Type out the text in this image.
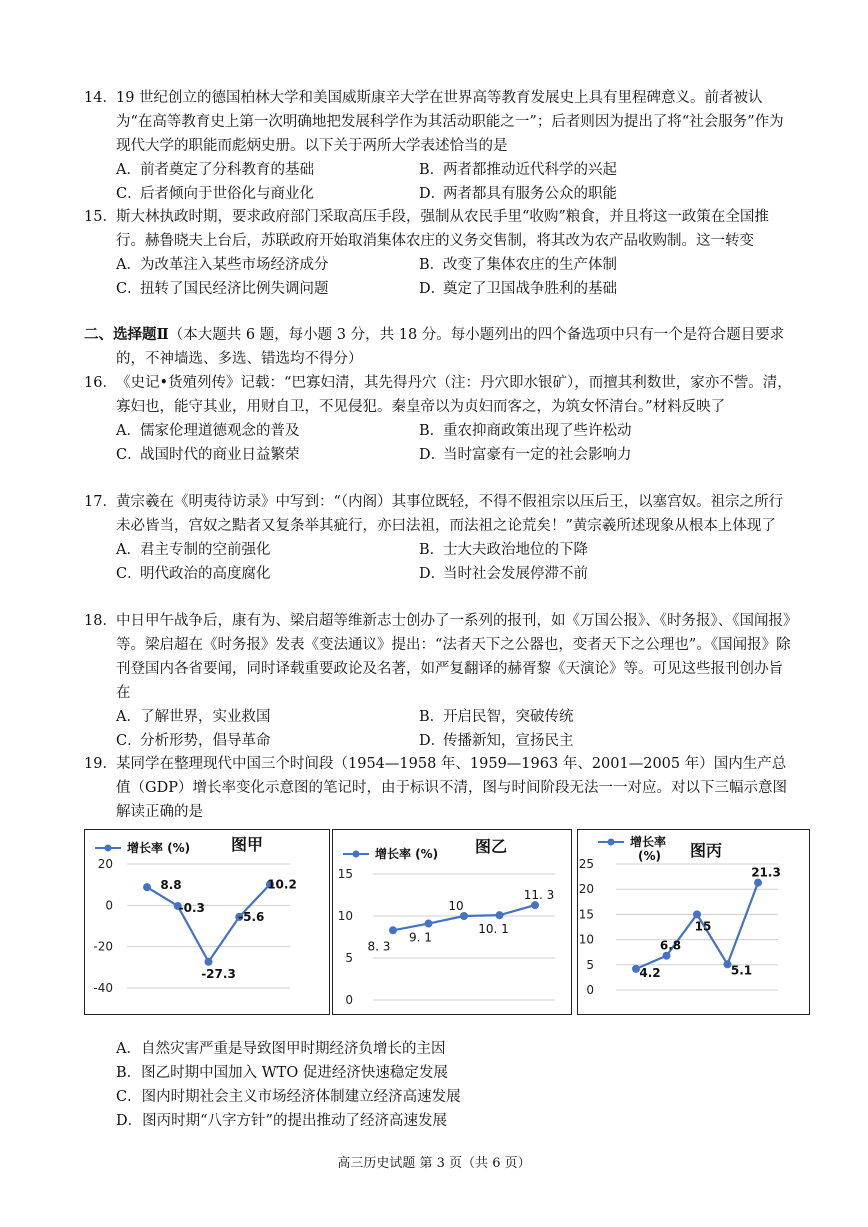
14．19 世纪创立的德国柏林大学和美国威斯康辛大学在世界高等教育发展史上具有里程碑意义。前者被认为“在高等教育史上第一次明确地把发展科学作为其活动职能之一”；后者则因为提出了将“社会服务”作为现代大学的职能而彪炳史册。以下关于两所大学表述恰当的是

A．前者奠定了分科教育的基础	B．两者都推动近代科学的兴起
C．后者倾向于世俗化与商业化	D．两者都具有服务公众的职能

15．斯大林执政时期，要求政府部门采取高压手段，强制从农民手里“收购”粮食，并且将这一政策在全国推行。赫鲁晓夫上台后，苏联政府开始取消集体农庄的义务交售制，将其改为农产品收购制。这一转变

A．为改革注入某些市场经济成分	B．改变了集体农庄的生产体制
C．扭转了国民经济比例失调问题	D．奠定了卫国战争胜利的基础

二、选择题Ⅱ（本大题共 6 题，每小题 3 分，共 18 分。每小题列出的四个备选项中只有一个是符合题目要求的，不神墙选、多选、错选均不得分）

16．《史记•货殖列传》记载：“巴寡妇清，其先得丹穴（注：丹穴即水银矿），而擅其利数世，家亦不訾。清，寡妇也，能守其业，用财自卫，不见侵犯。秦皇帝以为贞妇而客之，为筑女怀清台。”材料反映了

A．儒家伦理道德观念的普及	B．重农抑商政策出现了些许松动
C．战国时代的商业日益繁荣	D．当时富豪有一定的社会影响力

17．黄宗羲在《明夷待访录》中写到：“（内阁）其事位既轻，不得不假祖宗以压后王，以塞宫奴。祖宗之所行未必皆当，宫奴之黠者又复条举其疵行，亦曰法祖，而法祖之论荒矣！”黄宗羲所述现象从根本上体现了

A．君主专制的空前强化	B．士大夫政治地位的下降
C．明代政治的高度腐化	D．当时社会发展停滞不前

18．中日甲午战争后，康有为、梁启超等维新志士创办了一系列的报刊，如《万国公报》、《时务报》、《国闻报》等。梁启超在《时务报》发表《变法通议》提出：“法者天下之公器也，变者天下之公理也”。《国闻报》除刊登国内各省要闻，同时译载重要政论及名著，如严复翻译的赫胥黎《天演论》等。可见这些报刊创办旨在

A．了解世界，实业救国	B．开启民智，突破传统
C．分析形势，倡导革命	D．传播新知，宣扬民主

19．某同学在整理现代中国三个时间段（1954—1958 年、1959—1963 年、2001—2005 年）国内生产总值（GDP）增长率变化示意图的笔记时，由于标识不清，图与时间阶段无法一一对应。对以下三幅示意图解读正确的是

20
0
-20
-40
增长率 (%)	图甲
8.8
-0.3
-27.3
-5.6
10.2
15
10
5
0
增长率 (%) 图乙
8. 3
9. 1
10
10. 1
11. 3
25
20
15
10
5
0
增长率
(%) 图丙
4.2
6.8
15
5.1
21.3
A．自然灾害严重是导致图甲时期经济负增长的主因
B．图乙时期中国加入 WTO 促进经济快速稳定发展
C．图内时期社会主义市场经济体制建立经济高速发展
D．图丙时期“八字方针”的提出推动了经济高速发展
高三历史试题 第 3 页（共 6 页）
